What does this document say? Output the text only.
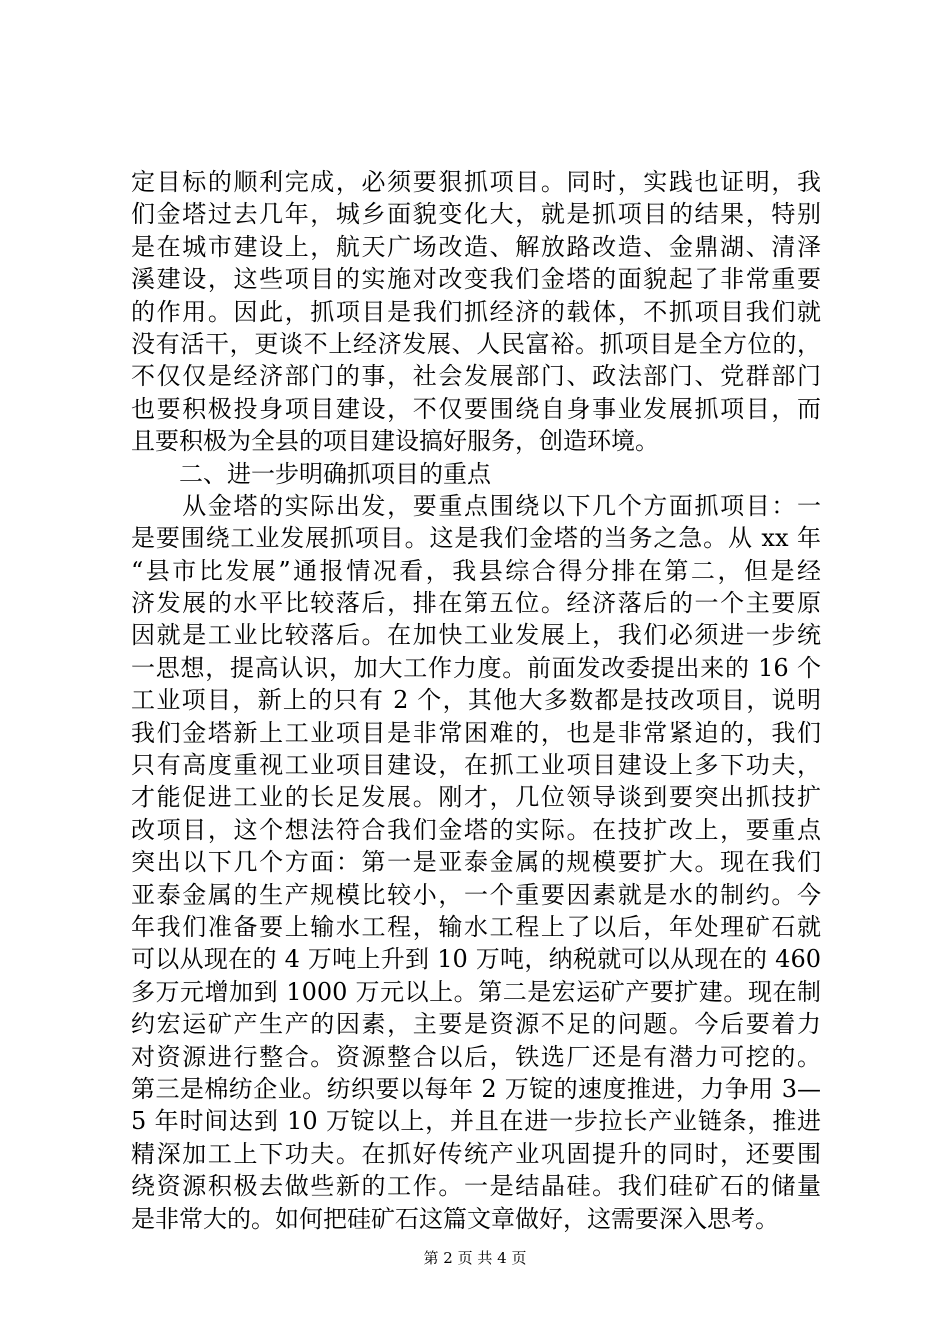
定目标的顺利完成，必须要狠抓项目。同时，实践也证明，我
们金塔过去几年，城乡面貌变化大，就是抓项目的结果，特别
是在城市建设上，航天广场改造、解放路改造、金鼎湖、清泽
溪建设，这些项目的实施对改变我们金塔的面貌起了非常重要
的作用。因此，抓项目是我们抓经济的载体，不抓项目我们就
没有活干，更谈不上经济发展、人民富裕。抓项目是全方位的，
不仅仅是经济部门的事，社会发展部门、政法部门、党群部门
也要积极投身项目建设，不仅要围绕自身事业发展抓项目，而
且要积极为全县的项目建设搞好服务，创造环境。
　　二、进一步明确抓项目的重点
　　从金塔的实际出发，要重点围绕以下几个方面抓项目：一
是要围绕工业发展抓项目。这是我们金塔的当务之急。从 xx 年
“县市比发展”通报情况看，我县综合得分排在第二，但是经
济发展的水平比较落后，排在第五位。经济落后的一个主要原
因就是工业比较落后。在加快工业发展上，我们必须进一步统
一思想，提高认识，加大工作力度。前面发改委提出来的 16 个
工业项目，新上的只有 2 个，其他大多数都是技改项目，说明
我们金塔新上工业项目是非常困难的，也是非常紧迫的，我们
只有高度重视工业项目建设，在抓工业项目建设上多下功夫，
才能促进工业的长足发展。刚才，几位领导谈到要突出抓技扩
改项目，这个想法符合我们金塔的实际。在技扩改上，要重点
突出以下几个方面：第一是亚泰金属的规模要扩大。现在我们
亚泰金属的生产规模比较小，一个重要因素就是水的制约。今
年我们准备要上输水工程，输水工程上了以后，年处理矿石就
可以从现在的 4 万吨上升到 10 万吨，纳税就可以从现在的 460
多万元增加到 1000 万元以上。第二是宏运矿产要扩建。现在制
约宏运矿产生产的因素，主要是资源不足的问题。今后要着力
对资源进行整合。资源整合以后，铁选厂还是有潜力可挖的。
第三是棉纺企业。纺织要以每年 2 万锭的速度推进，力争用 3—
5 年时间达到 10 万锭以上，并且在进一步拉长产业链条，推进
精深加工上下功夫。在抓好传统产业巩固提升的同时，还要围
绕资源积极去做些新的工作。一是结晶硅。我们硅矿石的储量
是非常大的。如何把硅矿石这篇文章做好，这需要深入思考。
第 2 页 共 4 页
